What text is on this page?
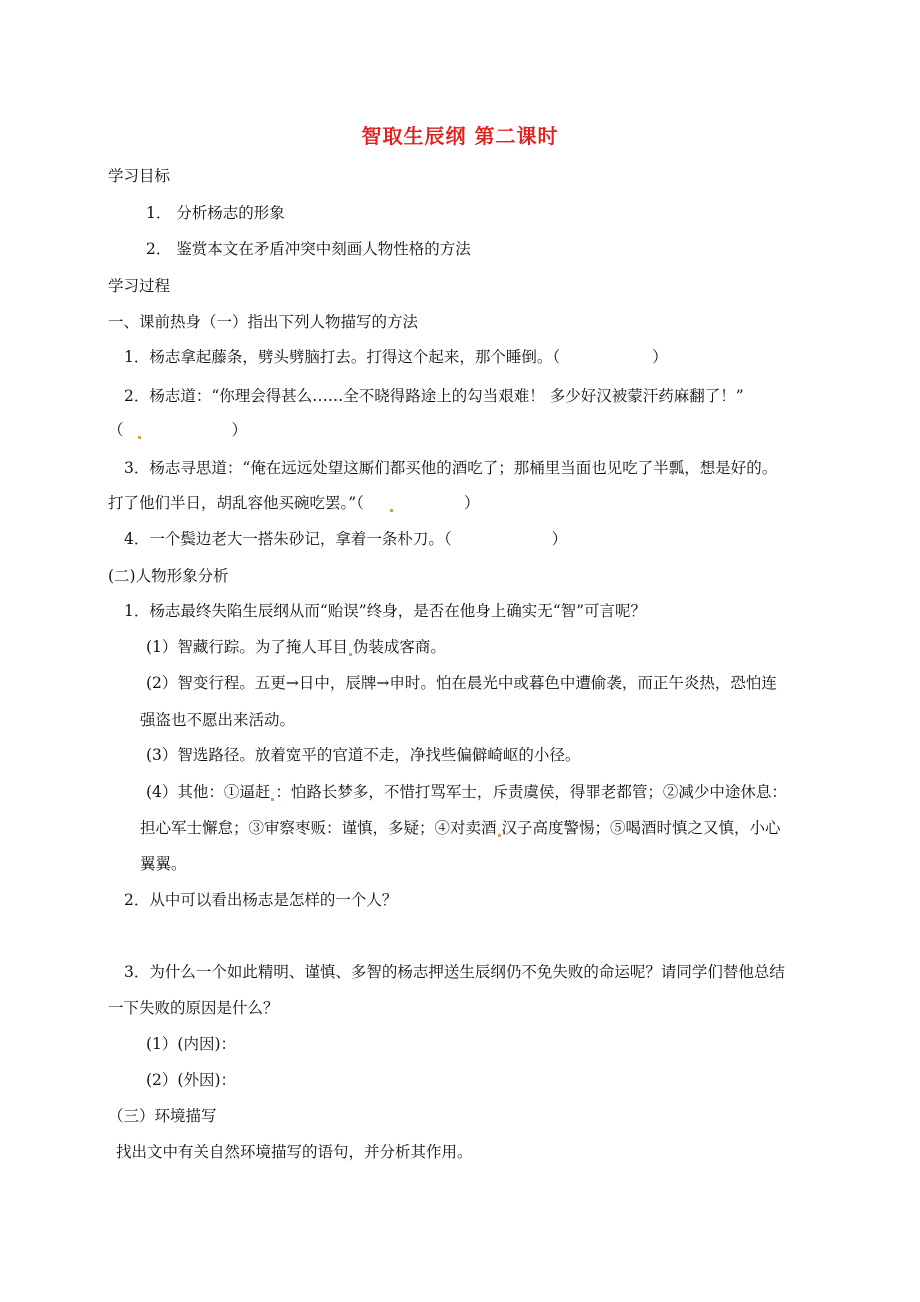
智取生辰纲 第二课时
学习目标
1． 分析杨志的形象
2． 鉴赏本文在矛盾冲突中刻画人物性格的方法
学习过程
一、课前热身（一）指出下列人物描写的方法
1．杨志拿起藤条，劈头劈脑打去。打得这个起来，那个睡倒。（	）
2．杨志道：“你理会得甚么……全不晓得路途上的勾当艰难！ 多少好汉被蒙汗药麻翻了！”
（	）
3．杨志寻思道：“俺在远远处望这厮们都买他的酒吃了；那桶里当面也见吃了半瓢，想是好的。
打了他们半日，胡乱容他买碗吃罢。”（	）
4．一个鬓边老大一搭朱砂记，拿着一条朴刀。（	）
(二)人物形象分析
1．杨志最终失陷生辰纲从而“贻误”终身，是否在他身上确实无“智”可言呢？
(1）智藏行踪。为了掩人耳目 伪装成客商。
(2）智变行程。五更→日中，辰牌→申时。怕在晨光中或暮色中遭偷袭，而正午炎热，恐怕连
强盗也不愿出来活动。
(3）智选路径。放着宽平的官道不走，净找些偏僻崎岖的小径。
(4）其他：①逼赶 ：怕路长梦多，不惜打骂军士，斥责虞侯，得罪老都管；②减少中途休息：
担心军士懈怠；③审察枣贩：谨慎，多疑；④对卖酒 汉子高度警惕；⑤喝酒时慎之又慎，小心
翼翼。
2．从中可以看出杨志是怎样的一个人？
3．为什么一个如此精明、谨慎、多智的杨志押送生辰纲仍不免失败的命运呢？请同学们替他总结
一下失败的原因是什么？
(1）(内因)：
(2）(外因)：
（三）环境描写
找出文中有关自然环境描写的语句，并分析其作用。
